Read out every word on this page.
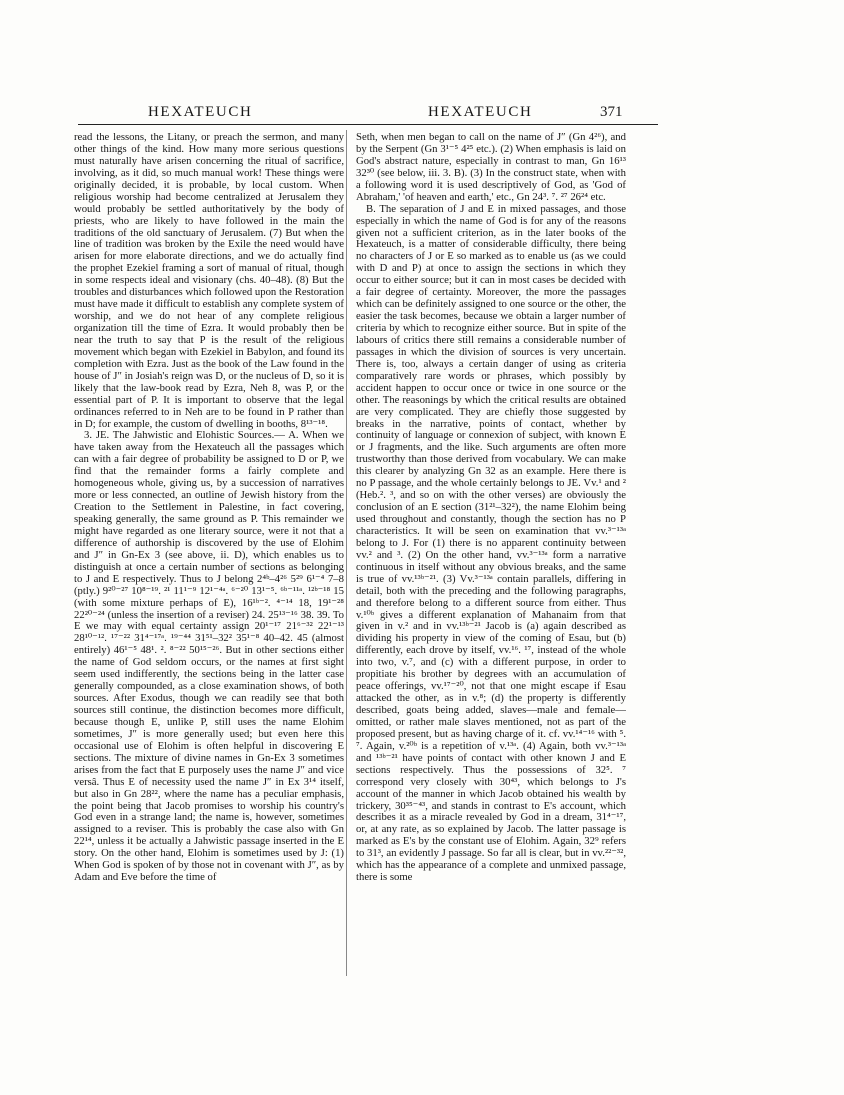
HEXATEUCH	HEXATEUCH	371

read the lessons, the Litany, or preach the sermon, and many other things of the kind. How many more serious questions must naturally have arisen concerning the ritual of sacrifice, involving, as it did, so much manual work! These things were originally decided, it is probable, by local custom. When religious worship had become centralized at Jerusalem they would probably be settled authoritatively by the body of priests, who are likely to have followed in the main the traditions of the old sanctuary of Jerusalem. (7) But when the line of tradition was broken by the Exile the need would have arisen for more elaborate directions, and we do actually find the prophet Ezekiel framing a sort of manual of ritual, though in some respects ideal and visionary (chs. 40–48). (8) But the troubles and disturbances which followed upon the Restoration must have made it difficult to establish any complete system of worship, and we do not hear of any complete religious organization till the time of Ezra. It would probably then be near the truth to say that P is the result of the religious movement which began with Ezekiel in Babylon, and found its completion with Ezra. Just as the book of the Law found in the house of J″ in Josiah's reign was D, or the nucleus of D, so it is likely that the law-book read by Ezra, Neh 8, was P, or the essential part of P. It is important to observe that the legal ordinances referred to in Neh are to be found in P rather than in D; for example, the custom of dwelling in booths, 8¹³⁻¹⁸.

3. JE. The Jahwistic and Elohistic Sources.— A. When we have taken away from the Hexateuch all the passages which can with a fair degree of probability be assigned to D or P, we find that the remainder forms a fairly complete and homogeneous whole, giving us, by a succession of narratives more or less connected, an outline of Jewish history from the Creation to the Settlement in Palestine, in fact covering, speaking generally, the same ground as P. This remainder we might have regarded as one literary source, were it not that a difference of authorship is discovered by the use of Elohim and J″ in Gn-Ex 3 (see above, ii. D), which enables us to distinguish at once a certain number of sections as belonging to J and E respectively. Thus to J belong 2⁴ᵇ–4²⁶ 5²⁹ 6¹⁻⁴ 7–8 (ptly.) 9²⁰⁻²⁷ 10⁸⁻¹⁹. ²¹ 11¹⁻⁹ 12¹⁻⁴ᵃ. ⁶⁻²⁰ 13¹⁻⁵. ⁶ᵇ⁻¹¹ᵃ. ¹²ᵇ⁻¹⁸ 15 (with some mixture perhaps of E), 16¹ᵇ⁻². ⁴⁻¹⁴ 18, 19¹⁻²⁸ 22²⁰⁻²⁴ (unless the insertion of a reviser) 24. 25¹³⁻¹⁶ 38. 39. To E we may with equal certainty assign 20¹⁻¹⁷ 21⁶⁻³² 22¹⁻¹³ 28¹⁰⁻¹². ¹⁷⁻²² 31⁴⁻¹⁷ᵃ. ¹⁹⁻⁴⁴ 31⁵¹–32² 35¹⁻⁸ 40–42. 45 (almost entirely) 46¹⁻⁵ 48¹. ². ⁸⁻²² 50¹⁵⁻²⁶. But in other sections either the name of God seldom occurs, or the names at first sight seem used indifferently, the sections being in the latter case generally compounded, as a close examination shows, of both sources. After Exodus, though we can readily see that both sources still continue, the distinction becomes more difficult, because though E, unlike P, still uses the name Elohim sometimes, J″ is more generally used; but even here this occasional use of Elohim is often helpful in discovering E sections. The mixture of divine names in Gn-Ex 3 sometimes arises from the fact that E purposely uses the name J″ and vice versâ. Thus E of necessity used the name J″ in Ex 3¹⁴ itself, but also in Gn 28²², where the name has a peculiar emphasis, the point being that Jacob promises to worship his country's God even in a strange land; the name is, however, sometimes assigned to a reviser. This is probably the case also with Gn 22¹⁴, unless it be actually a Jahwistic passage inserted in the E story. On the other hand, Elohim is sometimes used by J: (1) When God is spoken of by those not in covenant with J″, as by Adam and Eve before the time of

Seth, when men began to call on the name of J″ (Gn 4²⁶), and by the Serpent (Gn 3¹⁻⁵ 4²⁵ etc.). (2) When emphasis is laid on God's abstract nature, especially in contrast to man, Gn 16¹³ 32³⁰ (see below, iii. 3. B). (3) In the construct state, when with a following word it is used descriptively of God, as 'God of Abraham,' 'of heaven and earth,' etc., Gn 24³. ⁷. ²⁷ 26²⁴ etc.

B. The separation of J and E in mixed passages, and those especially in which the name of God is for any of the reasons given not a sufficient criterion, as in the later books of the Hexateuch, is a matter of considerable difficulty, there being no characters of J or E so marked as to enable us (as we could with D and P) at once to assign the sections in which they occur to either source; but it can in most cases be decided with a fair degree of certainty. Moreover, the more the passages which can be definitely assigned to one source or the other, the easier the task becomes, because we obtain a larger number of criteria by which to recognize either source. But in spite of the labours of critics there still remains a considerable number of passages in which the division of sources is very uncertain. There is, too, always a certain danger of using as criteria comparatively rare words or phrases, which possibly by accident happen to occur once or twice in one source or the other. The reasonings by which the critical results are obtained are very complicated. They are chiefly those suggested by breaks in the narrative, points of contact, whether by continuity of language or connexion of subject, with known E or J fragments, and the like. Such arguments are often more trustworthy than those derived from vocabulary. We can make this clearer by analyzing Gn 32 as an example. Here there is no P passage, and the whole certainly belongs to JE. Vv.¹ and ² (Heb.². ³, and so on with the other verses) are obviously the conclusion of an E section (31²¹–32²), the name Elohim being used throughout and constantly, though the section has no P characteristics. It will be seen on examination that vv.³⁻¹³ᵃ belong to J. For (1) there is no apparent continuity between vv.² and ³. (2) On the other hand, vv.³⁻¹³ᵃ form a narrative continuous in itself without any obvious breaks, and the same is true of vv.¹³ᵇ⁻²¹. (3) Vv.³⁻¹³ᵃ contain parallels, differing in detail, both with the preceding and the following paragraphs, and therefore belong to a different source from either. Thus v.¹⁰ᵇ gives a different explanation of Mahanaim from that given in v.² and in vv.¹³ᵇ⁻²¹ Jacob is (a) again described as dividing his property in view of the coming of Esau, but (b) differently, each drove by itself, vv.¹⁶. ¹⁷, instead of the whole into two, v.⁷, and (c) with a different purpose, in order to propitiate his brother by degrees with an accumulation of peace offerings, vv.¹⁷⁻²⁰, not that one might escape if Esau attacked the other, as in v.⁸; (d) the property is differently described, goats being added, slaves—male and female—omitted, or rather male slaves mentioned, not as part of the proposed present, but as having charge of it. cf. vv.¹⁴⁻¹⁶ with ⁵. ⁷. Again, v.²⁰ᵇ is a repetition of v.¹³ᵃ. (4) Again, both vv.³⁻¹³ᵃ and ¹³ᵇ⁻²¹ have points of contact with other known J and E sections respectively. Thus the possessions of 32⁵. ⁷ correspond very closely with 30⁴³, which belongs to J's account of the manner in which Jacob obtained his wealth by trickery, 30³⁵⁻⁴³, and stands in contrast to E's account, which describes it as a miracle revealed by God in a dream, 31⁴⁻¹⁷, or, at any rate, as so explained by Jacob. The latter passage is marked as E's by the constant use of Elohim. Again, 32⁹ refers to 31³, an evidently J passage. So far all is clear, but in vv.²²⁻³², which has the appearance of a complete and unmixed passage, there is some
